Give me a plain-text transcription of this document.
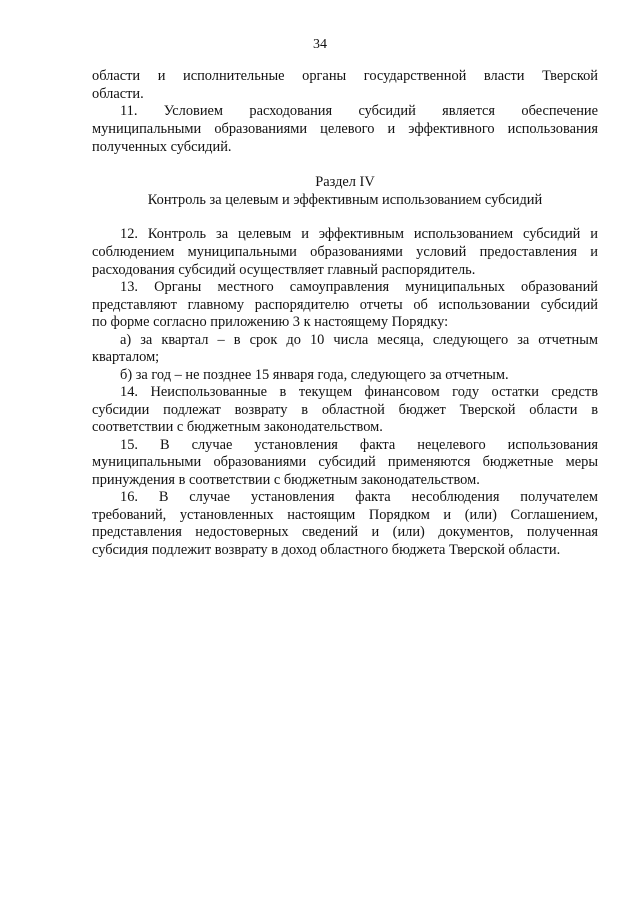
34
области и исполнительные органы государственной власти Тверской
области.
11. Условием расходования субсидий является обеспечение
муниципальными образованиями целевого и эффективного использования
полученных субсидий.
Раздел IV
Контроль за целевым и эффективным использованием субсидий
12. Контроль за целевым и эффективным использованием субсидий и
соблюдением муниципальными образованиями условий предоставления и
расходования субсидий осуществляет главный распорядитель.
13. Органы местного самоуправления муниципальных образований
представляют главному распорядителю отчеты об использовании субсидий
по форме согласно приложению 3 к настоящему Порядку:
а) за квартал – в срок до 10 числа месяца, следующего за отчетным
кварталом;
б) за год – не позднее 15 января года, следующего за отчетным.
14. Неиспользованные в текущем финансовом году остатки средств
субсидии подлежат возврату в областной бюджет Тверской области в
соответствии с бюджетным законодательством.
15. В случае установления факта нецелевого использования
муниципальными образованиями субсидий применяются бюджетные меры
принуждения в соответствии с бюджетным законодательством.
16. В случае установления факта несоблюдения получателем
требований, установленных настоящим Порядком и (или) Соглашением,
представления недостоверных сведений и (или) документов, полученная
субсидия подлежит возврату в доход областного бюджета Тверской области.
